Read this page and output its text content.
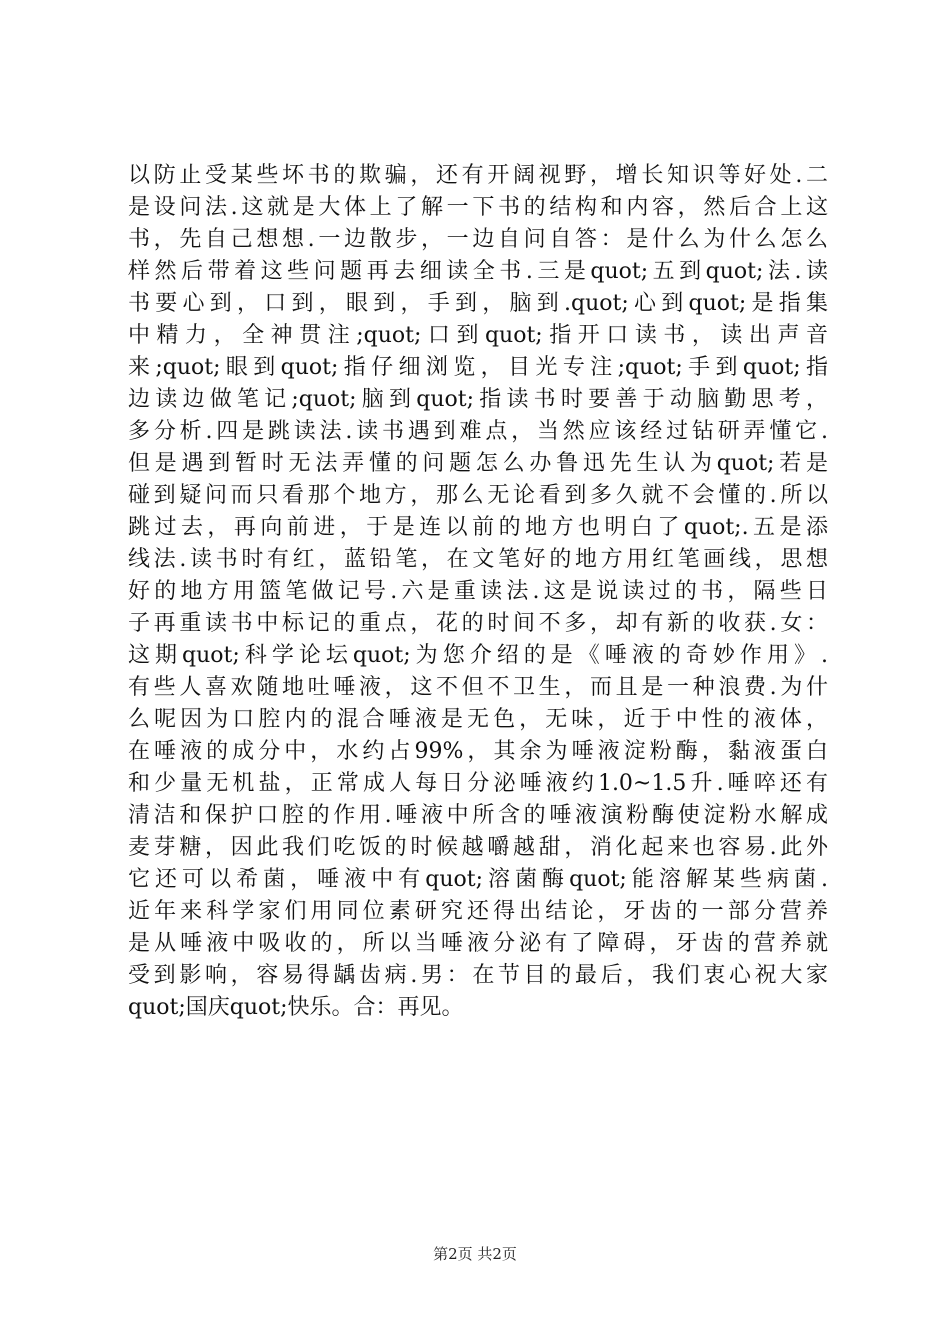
以防止受某些坏书的欺骗，还有开阔视野，增长知识等好处.二
是设问法.这就是大体上了解一下书的结构和内容，然后合上这
书，先自己想想.一边散步，一边自问自答：是什么为什么怎么
样然后带着这些问题再去细读全书.三是quot;五到quot;法.读
书要心到，口到，眼到，手到，脑到.quot;心到quot;是指集
中精力，全神贯注;quot;口到quot;指开口读书，读出声音
来;quot;眼到quot;指仔细浏览，目光专注;quot;手到quot;指
边读边做笔记;quot;脑到quot;指读书时要善于动脑勤思考，
多分析.四是跳读法.读书遇到难点，当然应该经过钻研弄懂它.
但是遇到暂时无法弄懂的问题怎么办鲁迅先生认为quot;若是
碰到疑问而只看那个地方，那么无论看到多久就不会懂的.所以
跳过去，再向前进，于是连以前的地方也明白了quot;.五是添
线法.读书时有红，蓝铅笔，在文笔好的地方用红笔画线，思想
好的地方用篮笔做记号.六是重读法.这是说读过的书，隔些日
子再重读书中标记的重点，花的时间不多，却有新的收获.女：
这期quot;科学论坛quot;为您介绍的是《唾液的奇妙作用》.
有些人喜欢随地吐唾液，这不但不卫生，而且是一种浪费.为什
么呢因为口腔内的混合唾液是无色，无味，近于中性的液体，
在唾液的成分中，水约占99%，其余为唾液淀粉酶，黏液蛋白
和少量无机盐，正常成人每日分泌唾液约1.0~1.5升.唾啐还有
清洁和保护口腔的作用.唾液中所含的唾液演粉酶使淀粉水解成
麦芽糖，因此我们吃饭的时候越嚼越甜，消化起来也容易.此外
它还可以希菌，唾液中有quot;溶菌酶quot;能溶解某些病菌.
近年来科学家们用同位素研究还得出结论，牙齿的一部分营养
是从唾液中吸收的，所以当唾液分泌有了障碍，牙齿的营养就
受到影响，容易得龋齿病.男：在节目的最后，我们衷心祝大家
quot;国庆quot;快乐。合：再见。
第2页 共2页
